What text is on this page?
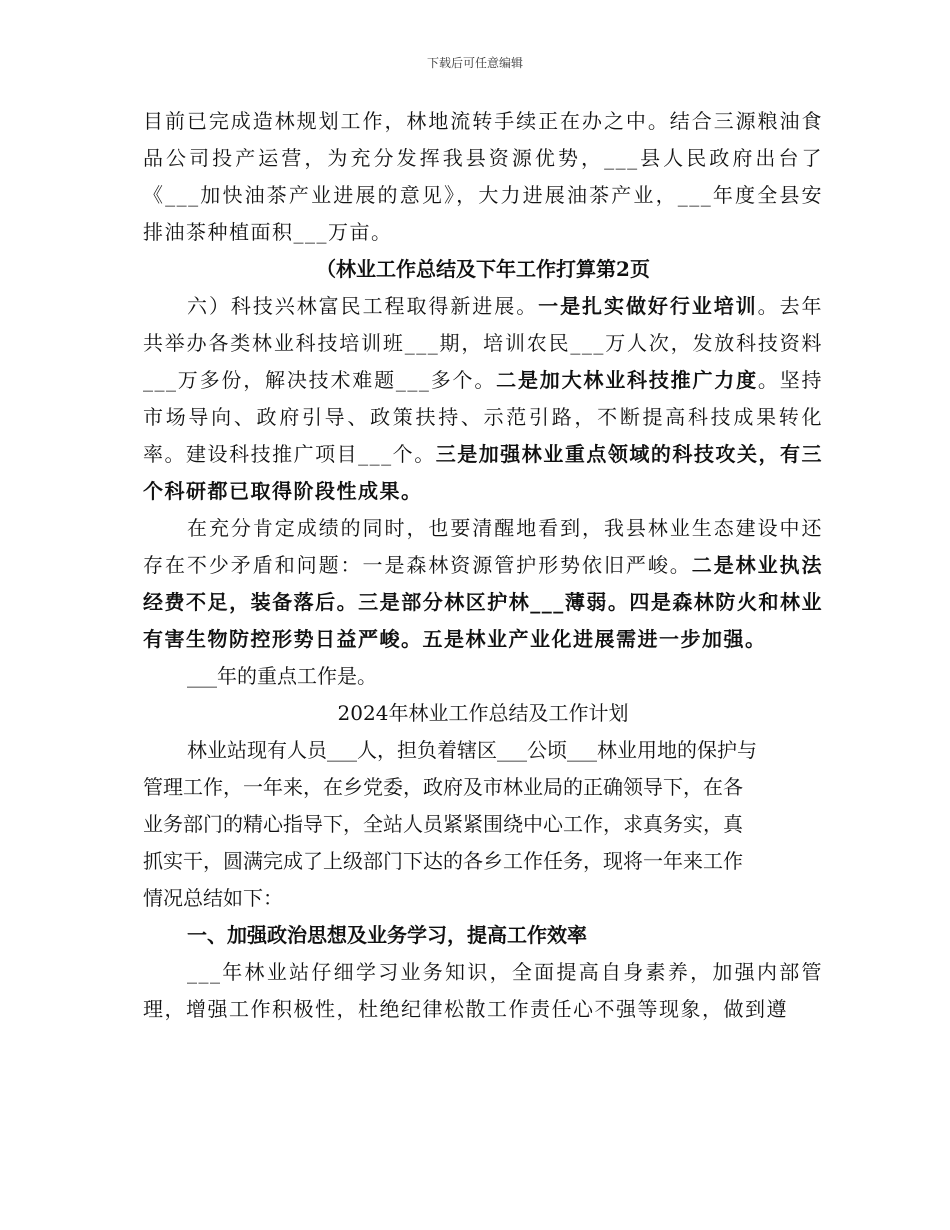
下载后可任意编辑

目前已完成造林规划工作，林地流转手续正在办之中。结合三源粮油食品公司投产运营，为充分发挥我县资源优势，___县人民政府出台了《___加快油茶产业进展的意见》，大力进展油茶产业，___年度全县安排油茶种植面积___万亩。

（林业工作总结及下年工作打算第2页

六）科技兴林富民工程取得新进展。一是扎实做好行业培训。去年共举办各类林业科技培训班___期，培训农民___万人次，发放科技资料___万多份，解决技术难题___多个。二是加大林业科技推广力度。坚持市场导向、政府引导、政策扶持、示范引路，不断提高科技成果转化率。建设科技推广项目___个。三是加强林业重点领域的科技攻关，有三个科研都已取得阶段性成果。

在充分肯定成绩的同时，也要清醒地看到，我县林业生态建设中还存在不少矛盾和问题：一是森林资源管护形势依旧严峻。二是林业执法经费不足，装备落后。三是部分林区护林___薄弱。四是森林防火和林业有害生物防控形势日益严峻。五是林业产业化进展需进一步加强。

___年的重点工作是。

2024年林业工作总结及工作计划

林业站现有人员___人，担负着辖区___公顷___林业用地的保护与

管理工作，一年来，在乡党委，政府及市林业局的正确领导下，在各

业务部门的精心指导下，全站人员紧紧围绕中心工作，求真务实，真

抓实干，圆满完成了上级部门下达的各乡工作任务，现将一年来工作

情况总结如下：

一、加强政治思想及业务学习，提高工作效率

___年林业站仔细学习业务知识，全面提高自身素养，加强内部管理，增强工作积极性，杜绝纪律松散工作责任心不强等现象，做到遵
